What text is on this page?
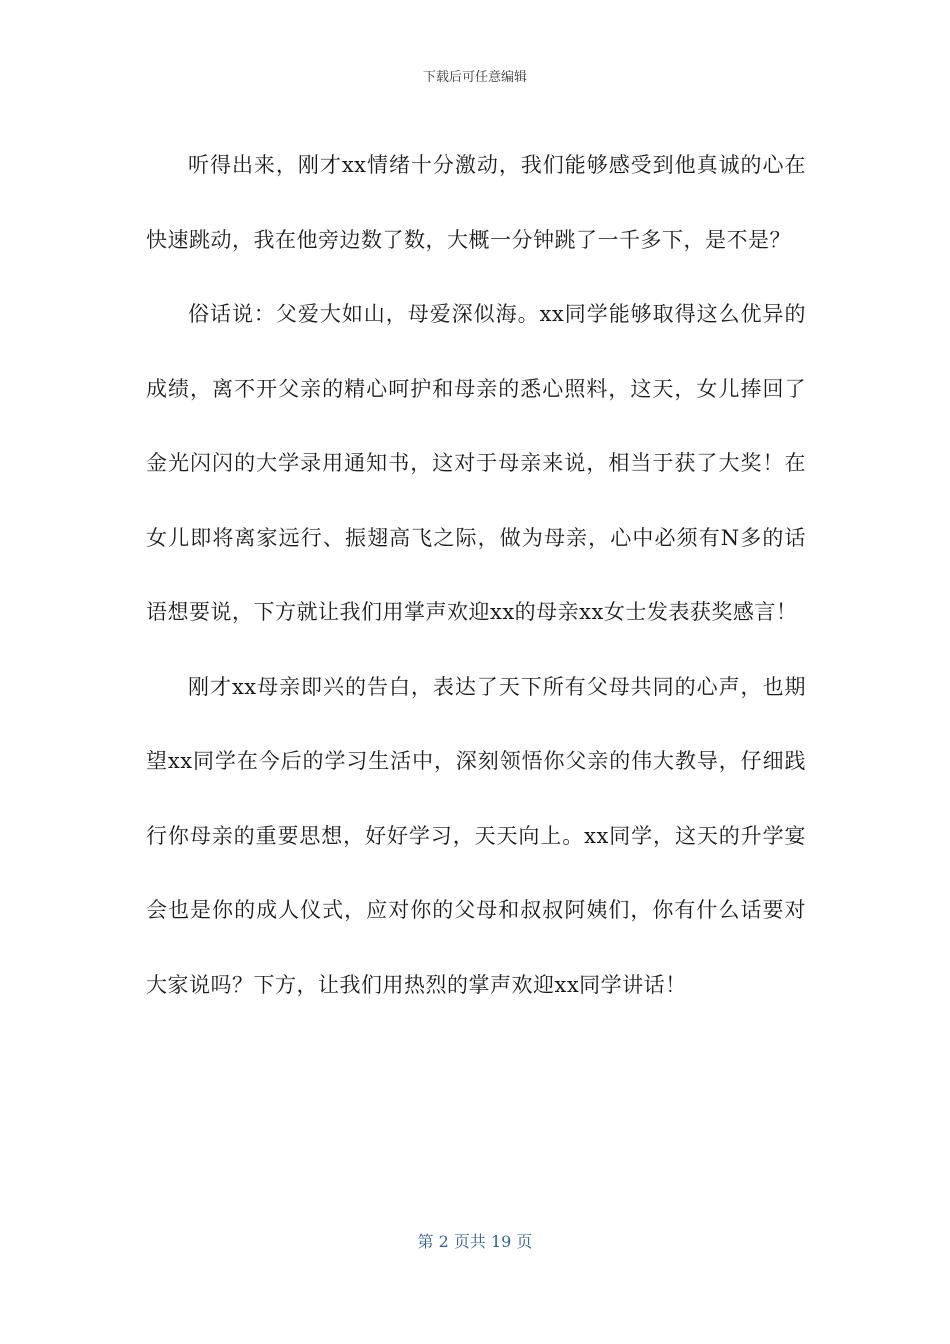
下载后可任意编辑

听得出来，刚才xx情绪十分激动，我们能够感受到他真诚的心在快速跳动，我在他旁边数了数，大概一分钟跳了一千多下，是不是？

俗话说：父爱大如山，母爱深似海。xx同学能够取得这么优异的成绩，离不开父亲的精心呵护和母亲的悉心照料，这天，女儿捧回了金光闪闪的大学录用通知书，这对于母亲来说，相当于获了大奖！在女儿即将离家远行、振翅高飞之际，做为母亲，心中必须有N多的话语想要说，下方就让我们用掌声欢迎xx的母亲xx女士发表获奖感言！

刚才xx母亲即兴的告白，表达了天下所有父母共同的心声，也期望xx同学在今后的学习生活中，深刻领悟你父亲的伟大教导，仔细践行你母亲的重要思想，好好学习，天天向上。xx同学，这天的升学宴会也是你的成人仪式，应对你的父母和叔叔阿姨们，你有什么话要对大家说吗？下方，让我们用热烈的掌声欢迎xx同学讲话！

第 2 页共 19 页
